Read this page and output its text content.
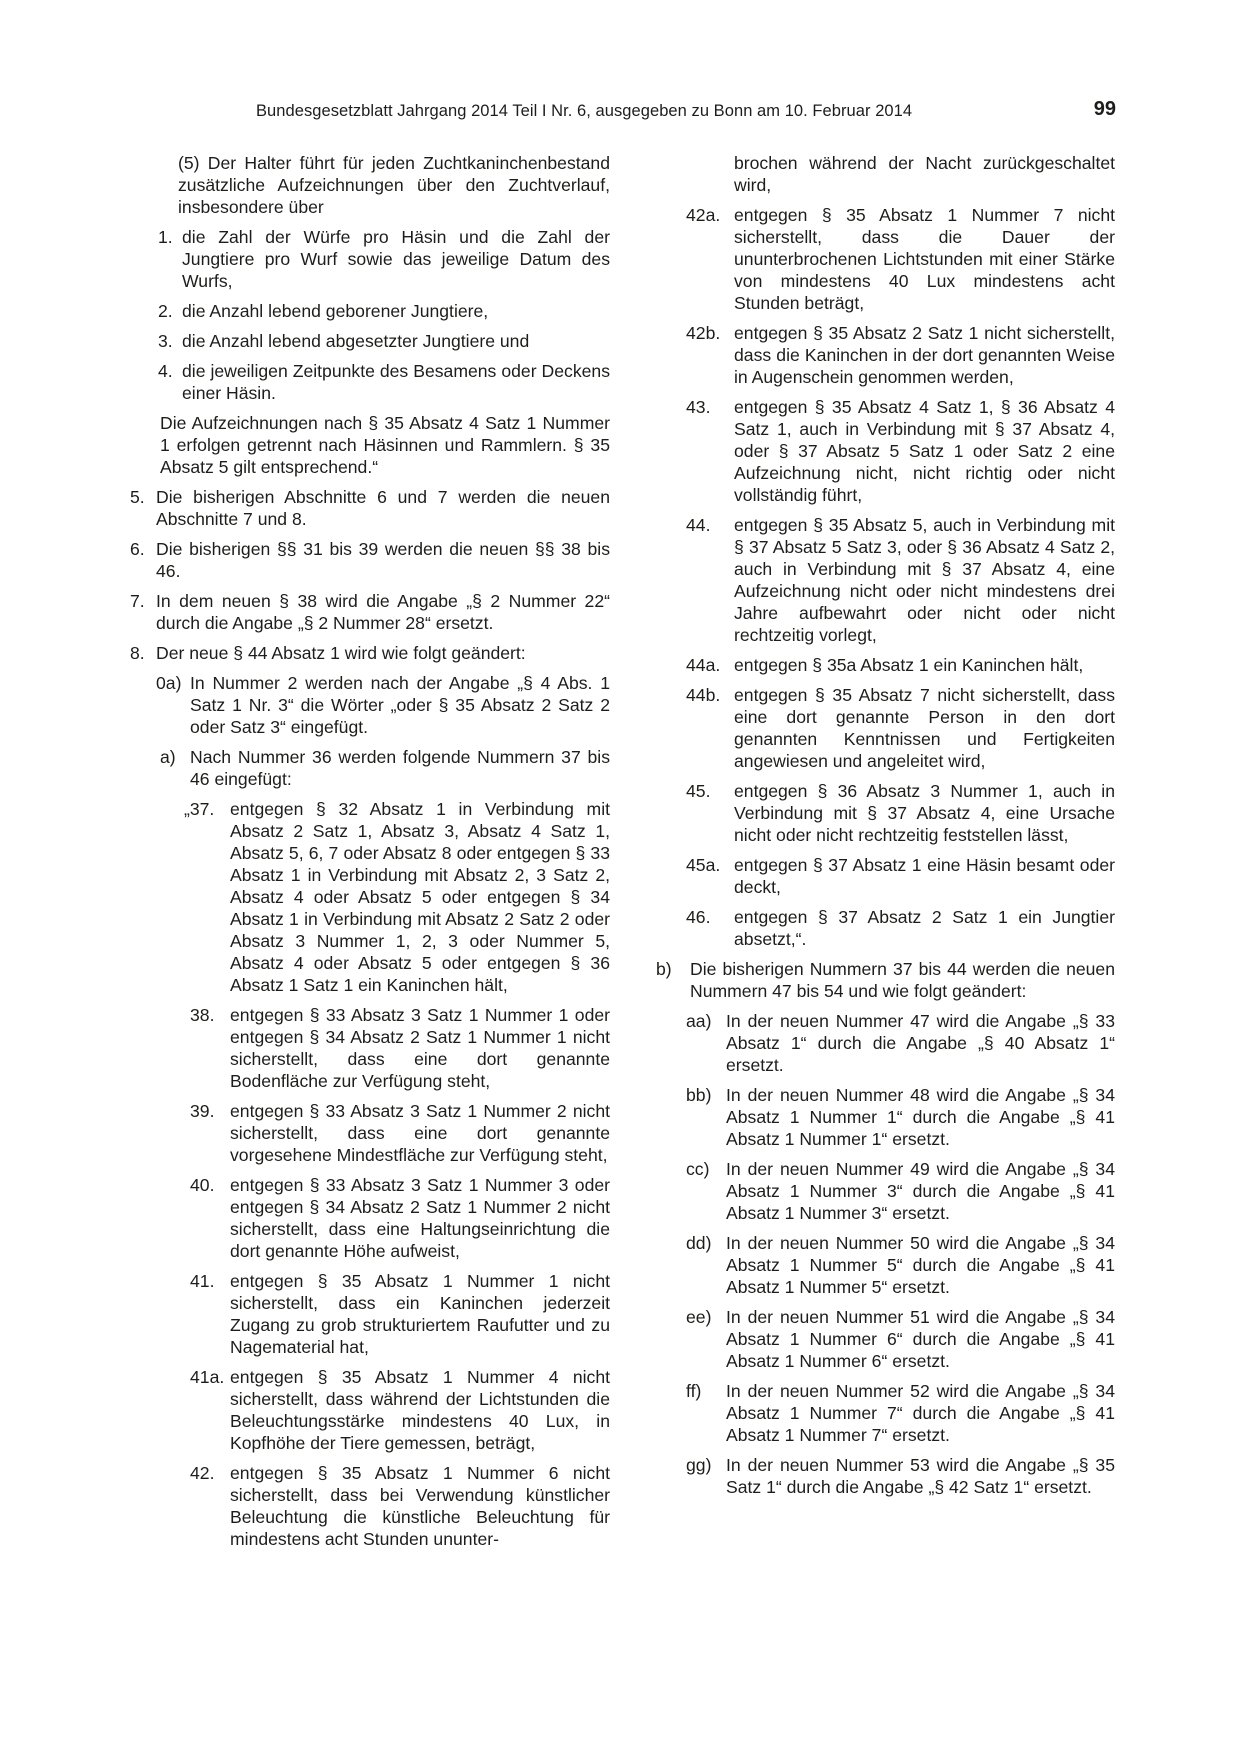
Bundesgesetzblatt Jahrgang 2014 Teil I Nr. 6, ausgegeben zu Bonn am 10. Februar 2014	99

(5) Der Halter führt für jeden Zuchtkaninchenbestand zusätzliche Aufzeichnungen über den Zuchtverlauf, insbesondere über

1. die Zahl der Würfe pro Häsin und die Zahl der Jungtiere pro Wurf sowie das jeweilige Datum des Wurfs,
2. die Anzahl lebend geborener Jungtiere,
3. die Anzahl lebend abgesetzter Jungtiere und
4. die jeweiligen Zeitpunkte des Besamens oder Deckens einer Häsin.

Die Aufzeichnungen nach § 35 Absatz 4 Satz 1 Nummer 1 erfolgen getrennt nach Häsinnen und Rammlern. § 35 Absatz 5 gilt entsprechend.“

5. Die bisherigen Abschnitte 6 und 7 werden die neuen Abschnitte 7 und 8.
6. Die bisherigen §§ 31 bis 39 werden die neuen §§ 38 bis 46.
7. In dem neuen § 38 wird die Angabe „§ 2 Nummer 22“ durch die Angabe „§ 2 Nummer 28“ ersetzt.
8. Der neue § 44 Absatz 1 wird wie folgt geändert:
0a) In Nummer 2 werden nach der Angabe „§ 4 Abs. 1 Satz 1 Nr. 3“ die Wörter „oder § 35 Absatz 2 Satz 2 oder Satz 3“ eingefügt.
a) Nach Nummer 36 werden folgende Nummern 37 bis 46 eingefügt:
„37. entgegen § 32 Absatz 1 in Verbindung mit Absatz 2 Satz 1, Absatz 3, Absatz 4 Satz 1, Absatz 5, 6, 7 oder Absatz 8 oder entgegen § 33 Absatz 1 in Verbindung mit Absatz 2, 3 Satz 2, Absatz 4 oder Absatz 5 oder entgegen § 34 Absatz 1 in Verbindung mit Absatz 2 Satz 2 oder Absatz 3 Nummer 1, 2, 3 oder Nummer 5, Absatz 4 oder Absatz 5 oder entgegen § 36 Absatz 1 Satz 1 ein Kaninchen hält,
38. entgegen § 33 Absatz 3 Satz 1 Nummer 1 oder entgegen § 34 Absatz 2 Satz 1 Nummer 1 nicht sicherstellt, dass eine dort genannte Bodenfläche zur Verfügung steht,
39. entgegen § 33 Absatz 3 Satz 1 Nummer 2 nicht sicherstellt, dass eine dort genannte vorgesehene Mindestfläche zur Verfügung steht,
40. entgegen § 33 Absatz 3 Satz 1 Nummer 3 oder entgegen § 34 Absatz 2 Satz 1 Nummer 2 nicht sicherstellt, dass eine Haltungseinrichtung die dort genannte Höhe aufweist,
41. entgegen § 35 Absatz 1 Nummer 1 nicht sicherstellt, dass ein Kaninchen jederzeit Zugang zu grob strukturiertem Raufutter und zu Nagematerial hat,
41a. entgegen § 35 Absatz 1 Nummer 4 nicht sicherstellt, dass während der Lichtstunden die Beleuchtungsstärke mindestens 40 Lux, in Kopfhöhe der Tiere gemessen, beträgt,
42. entgegen § 35 Absatz 1 Nummer 6 nicht sicherstellt, dass bei Verwendung künstlicher Beleuchtung die künstliche Beleuchtung für mindestens acht Stunden ununter-
brochen während der Nacht zurückgeschaltet wird,
42a. entgegen § 35 Absatz 1 Nummer 7 nicht sicherstellt, dass die Dauer der ununterbrochenen Lichtstunden mit einer Stärke von mindestens 40 Lux mindestens acht Stunden beträgt,
42b. entgegen § 35 Absatz 2 Satz 1 nicht sicherstellt, dass die Kaninchen in der dort genannten Weise in Augenschein genommen werden,
43. entgegen § 35 Absatz 4 Satz 1, § 36 Absatz 4 Satz 1, auch in Verbindung mit § 37 Absatz 4, oder § 37 Absatz 5 Satz 1 oder Satz 2 eine Aufzeichnung nicht, nicht richtig oder nicht vollständig führt,
44. entgegen § 35 Absatz 5, auch in Verbindung mit § 37 Absatz 5 Satz 3, oder § 36 Absatz 4 Satz 2, auch in Verbindung mit § 37 Absatz 4, eine Aufzeichnung nicht oder nicht mindestens drei Jahre aufbewahrt oder nicht oder nicht rechtzeitig vorlegt,
44a. entgegen § 35a Absatz 1 ein Kaninchen hält,
44b. entgegen § 35 Absatz 7 nicht sicherstellt, dass eine dort genannte Person in den dort genannten Kenntnissen und Fertigkeiten angewiesen und angeleitet wird,
45. entgegen § 36 Absatz 3 Nummer 1, auch in Verbindung mit § 37 Absatz 4, eine Ursache nicht oder nicht rechtzeitig feststellen lässt,
45a. entgegen § 37 Absatz 1 eine Häsin besamt oder deckt,
46. entgegen § 37 Absatz 2 Satz 1 ein Jungtier absetzt,“.
b) Die bisherigen Nummern 37 bis 44 werden die neuen Nummern 47 bis 54 und wie folgt geändert:
aa) In der neuen Nummer 47 wird die Angabe „§ 33 Absatz 1“ durch die Angabe „§ 40 Absatz 1“ ersetzt.
bb) In der neuen Nummer 48 wird die Angabe „§ 34 Absatz 1 Nummer 1“ durch die Angabe „§ 41 Absatz 1 Nummer 1“ ersetzt.
cc) In der neuen Nummer 49 wird die Angabe „§ 34 Absatz 1 Nummer 3“ durch die Angabe „§ 41 Absatz 1 Nummer 3“ ersetzt.
dd) In der neuen Nummer 50 wird die Angabe „§ 34 Absatz 1 Nummer 5“ durch die Angabe „§ 41 Absatz 1 Nummer 5“ ersetzt.
ee) In der neuen Nummer 51 wird die Angabe „§ 34 Absatz 1 Nummer 6“ durch die Angabe „§ 41 Absatz 1 Nummer 6“ ersetzt.
ff) In der neuen Nummer 52 wird die Angabe „§ 34 Absatz 1 Nummer 7“ durch die Angabe „§ 41 Absatz 1 Nummer 7“ ersetzt.
gg) In der neuen Nummer 53 wird die Angabe „§ 35 Satz 1“ durch die Angabe „§ 42 Satz 1“ ersetzt.
